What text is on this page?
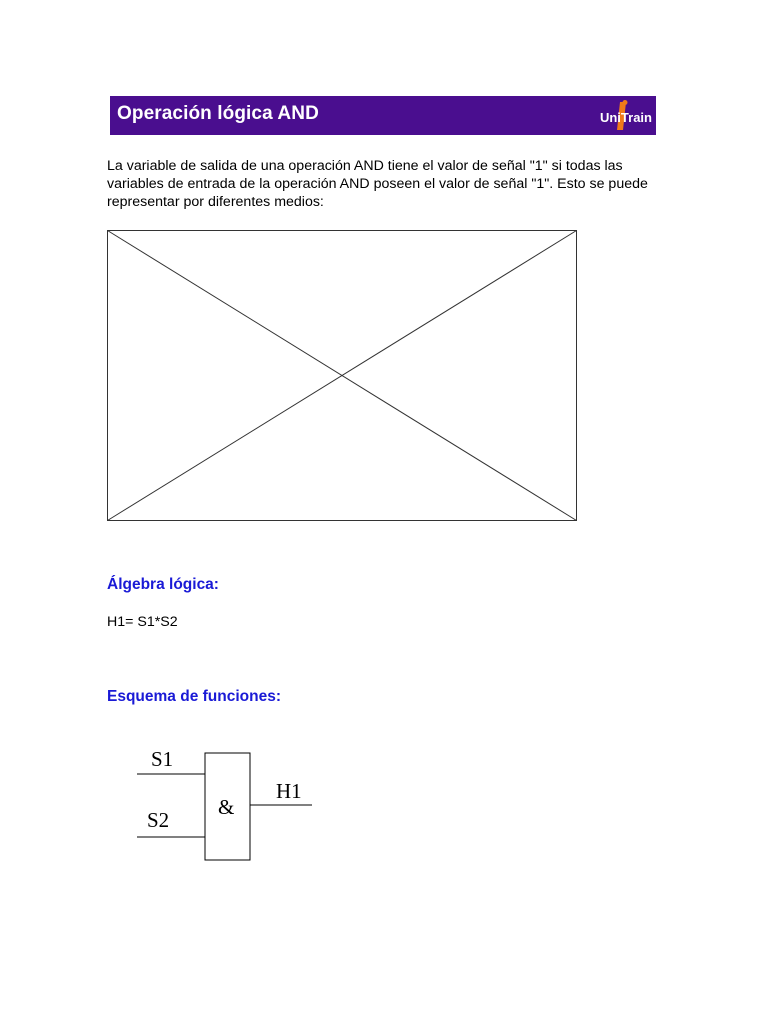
Operación lógica AND	UniTrain
La variable de salida de una operación AND tiene el valor de señal "1" si todas las variables de entrada de la operación AND poseen el valor de señal "1". Esto se puede representar por diferentes medios:
Álgebra lógica:
H1= S1*S2
Esquema de funciones:
S1
S2
&
H1
